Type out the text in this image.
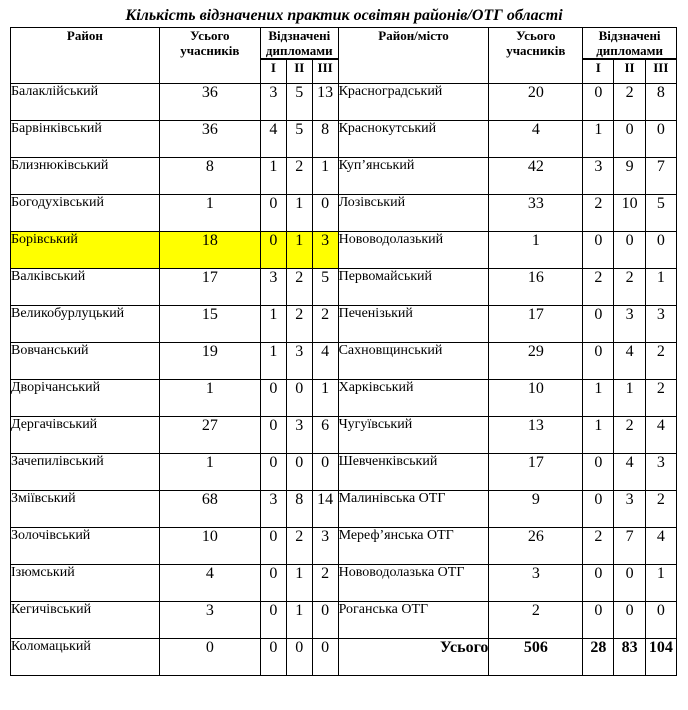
Кількість відзначених практик освітян районів/ОТГ області
Район	Усього учасників	Відзначені дипломами			Район/місто	Усього учасників	Відзначені дипломами		
		I	II	III			I	II	III
Балаклійський	36	3	5	13	Красноградський	20	0	2	8
Барвінківський	36	4	5	8	Краснокутський	4	1	0	0
Близнюківський	8	1	2	1	Куп’янський	42	3	9	7
Богодухівський	1	0	1	0	Лозівський	33	2	10	5
Борівський	18	0	1	3	Нововодолазький	1	0	0	0
Валківський	17	3	2	5	Первомайський	16	2	2	1
Великобурлуцький	15	1	2	2	Печенізький	17	0	3	3
Вовчанський	19	1	3	4	Сахновщинський	29	0	4	2
Дворічанський	1	0	0	1	Харківський	10	1	1	2
Дергачівський	27	0	3	6	Чугуївський	13	1	2	4
Зачепилівський	1	0	0	0	Шевченківський	17	0	4	3
Зміївський	68	3	8	14	Малинівська ОТГ	9	0	3	2
Золочівський	10	0	2	3	Мереф’янська ОТГ	26	2	7	4
Ізюмський	4	0	1	2	Нововодолазька ОТГ	3	0	0	1
Кегичівський	3	0	1	0	Роганська ОТГ	2	0	0	0
Коломацький	0	0	0	0	Усього	506	28	83	104
